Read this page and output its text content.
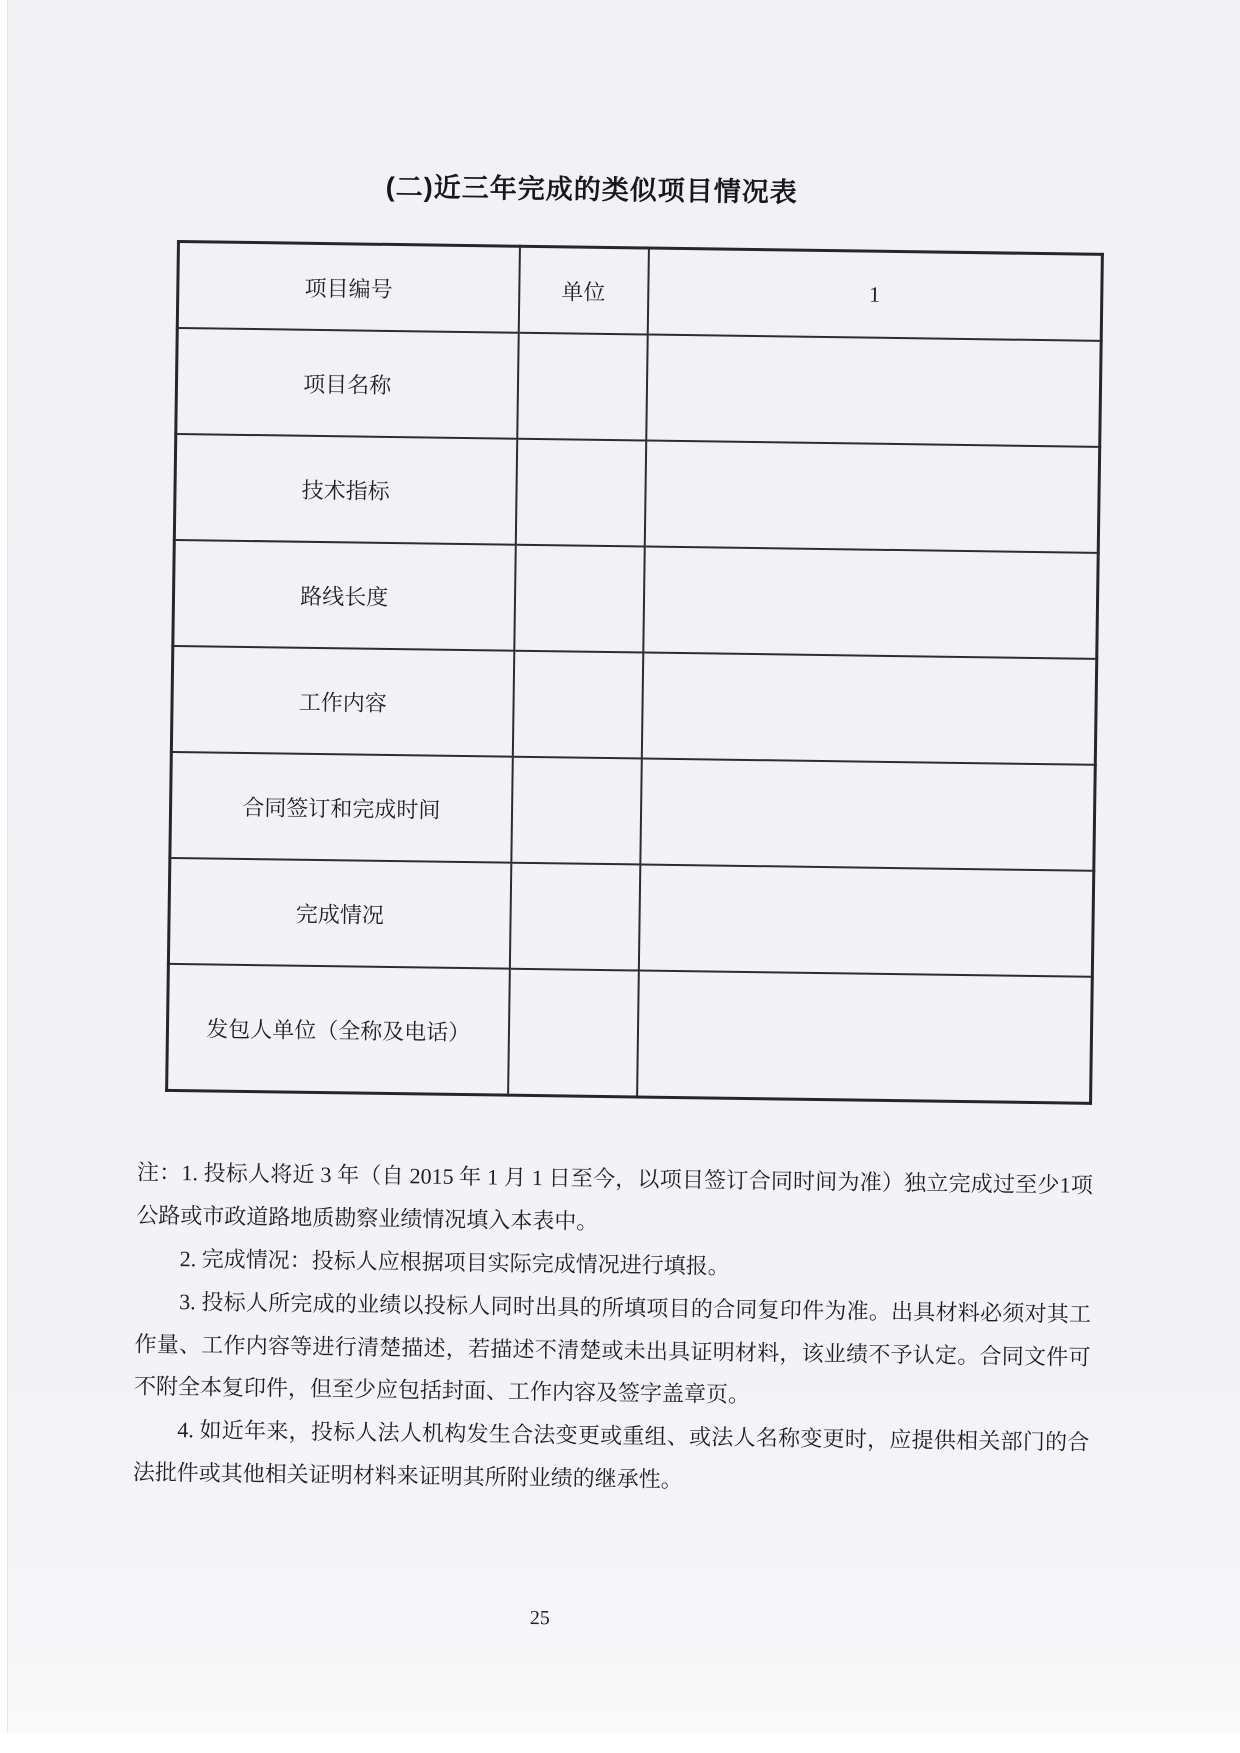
(二)近三年完成的类似项目情况表
项目编号	单位	1
项目名称		
技术指标		
路线长度		
工作内容		
合同签订和完成时间		
完成情况		
发包人单位（全称及电话）		

注：1. 投标人将近 3 年（自 2015 年 1 月 1 日至今，以项目签订合同时间为准）独立完成过至少1项公路或市政道路地质勘察业绩情况填入本表中。

2. 完成情况：投标人应根据项目实际完成情况进行填报。

3. 投标人所完成的业绩以投标人同时出具的所填项目的合同复印件为准。出具材料必须对其工作量、工作内容等进行清楚描述，若描述不清楚或未出具证明材料，该业绩不予认定。合同文件可不附全本复印件，但至少应包括封面、工作内容及签字盖章页。

4. 如近年来，投标人法人机构发生合法变更或重组、或法人名称变更时，应提供相关部门的合法批件或其他相关证明材料来证明其所附业绩的继承性。

25
